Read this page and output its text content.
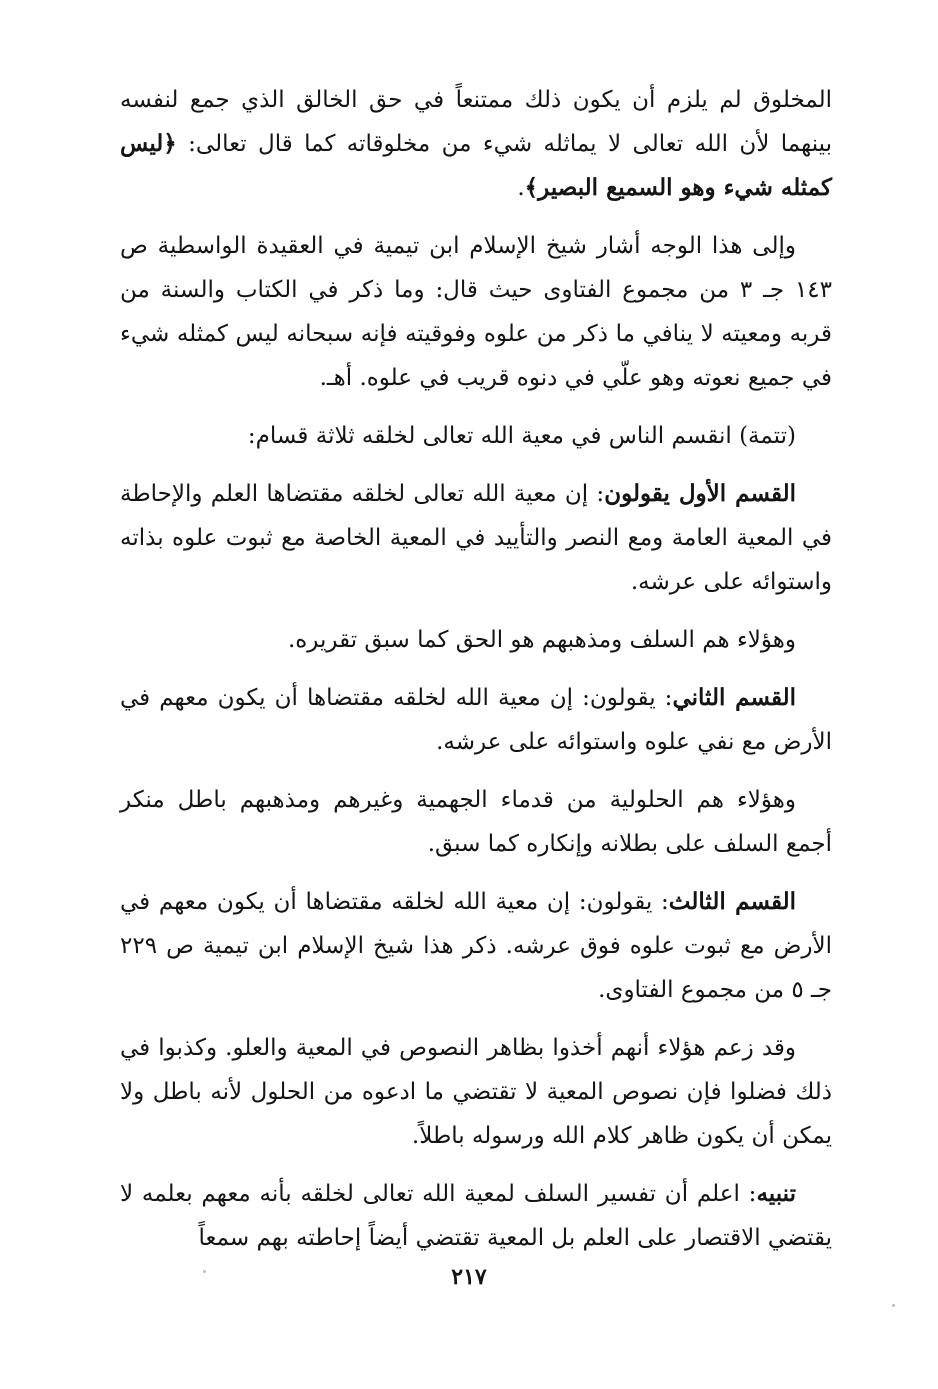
المخلوق لم يلزم أن يكون ذلك ممتنعاً في حق الخالق الذي جمع لنفسه بينهما لأن الله تعالى لا يماثله شيء من مخلوقاته كما قال تعالى: ﴿ليس كمثله شيء وهو السميع البصير﴾.

وإلى هذا الوجه أشار شيخ الإسلام ابن تيمية في العقيدة الواسطية ص ١٤٣ جـ ٣ من مجموع الفتاوى حيث قال: وما ذكر في الكتاب والسنة من قربه ومعيته لا ينافي ما ذكر من علوه وفوقيته فإنه سبحانه ليس كمثله شيء في جميع نعوته وهو علّي في دنوه قريب في علوه. أهـ.

(تتمة) انقسم الناس في معية الله تعالى لخلقه ثلاثة قسام:

القسم الأول يقولون: إن معية الله تعالى لخلقه مقتضاها العلم والإحاطة في المعية العامة ومع النصر والتأييد في المعية الخاصة مع ثبوت علوه بذاته واستوائه على عرشه.

وهؤلاء هم السلف ومذهبهم هو الحق كما سبق تقريره.

القسم الثاني: يقولون: إن معية الله لخلقه مقتضاها أن يكون معهم في الأرض مع نفي علوه واستوائه على عرشه.

وهؤلاء هم الحلولية من قدماء الجهمية وغيرهم ومذهبهم باطل منكر أجمع السلف على بطلانه وإنكاره كما سبق.

القسم الثالث: يقولون: إن معية الله لخلقه مقتضاها أن يكون معهم في الأرض مع ثبوت علوه فوق عرشه. ذكر هذا شيخ الإسلام ابن تيمية ص ٢٢٩ جـ ٥ من مجموع الفتاوى.

وقد زعم هؤلاء أنهم أخذوا بظاهر النصوص في المعية والعلو. وكذبوا في ذلك فضلوا فإن نصوص المعية لا تقتضي ما ادعوه من الحلول لأنه باطل ولا يمكن أن يكون ظاهر كلام الله ورسوله باطلاً.

تنبيه: اعلم أن تفسير السلف لمعية الله تعالى لخلقه بأنه معهم بعلمه لا يقتضي الاقتصار على العلم بل المعية تقتضي أيضاً إحاطته بهم سمعاً

٢١٧
